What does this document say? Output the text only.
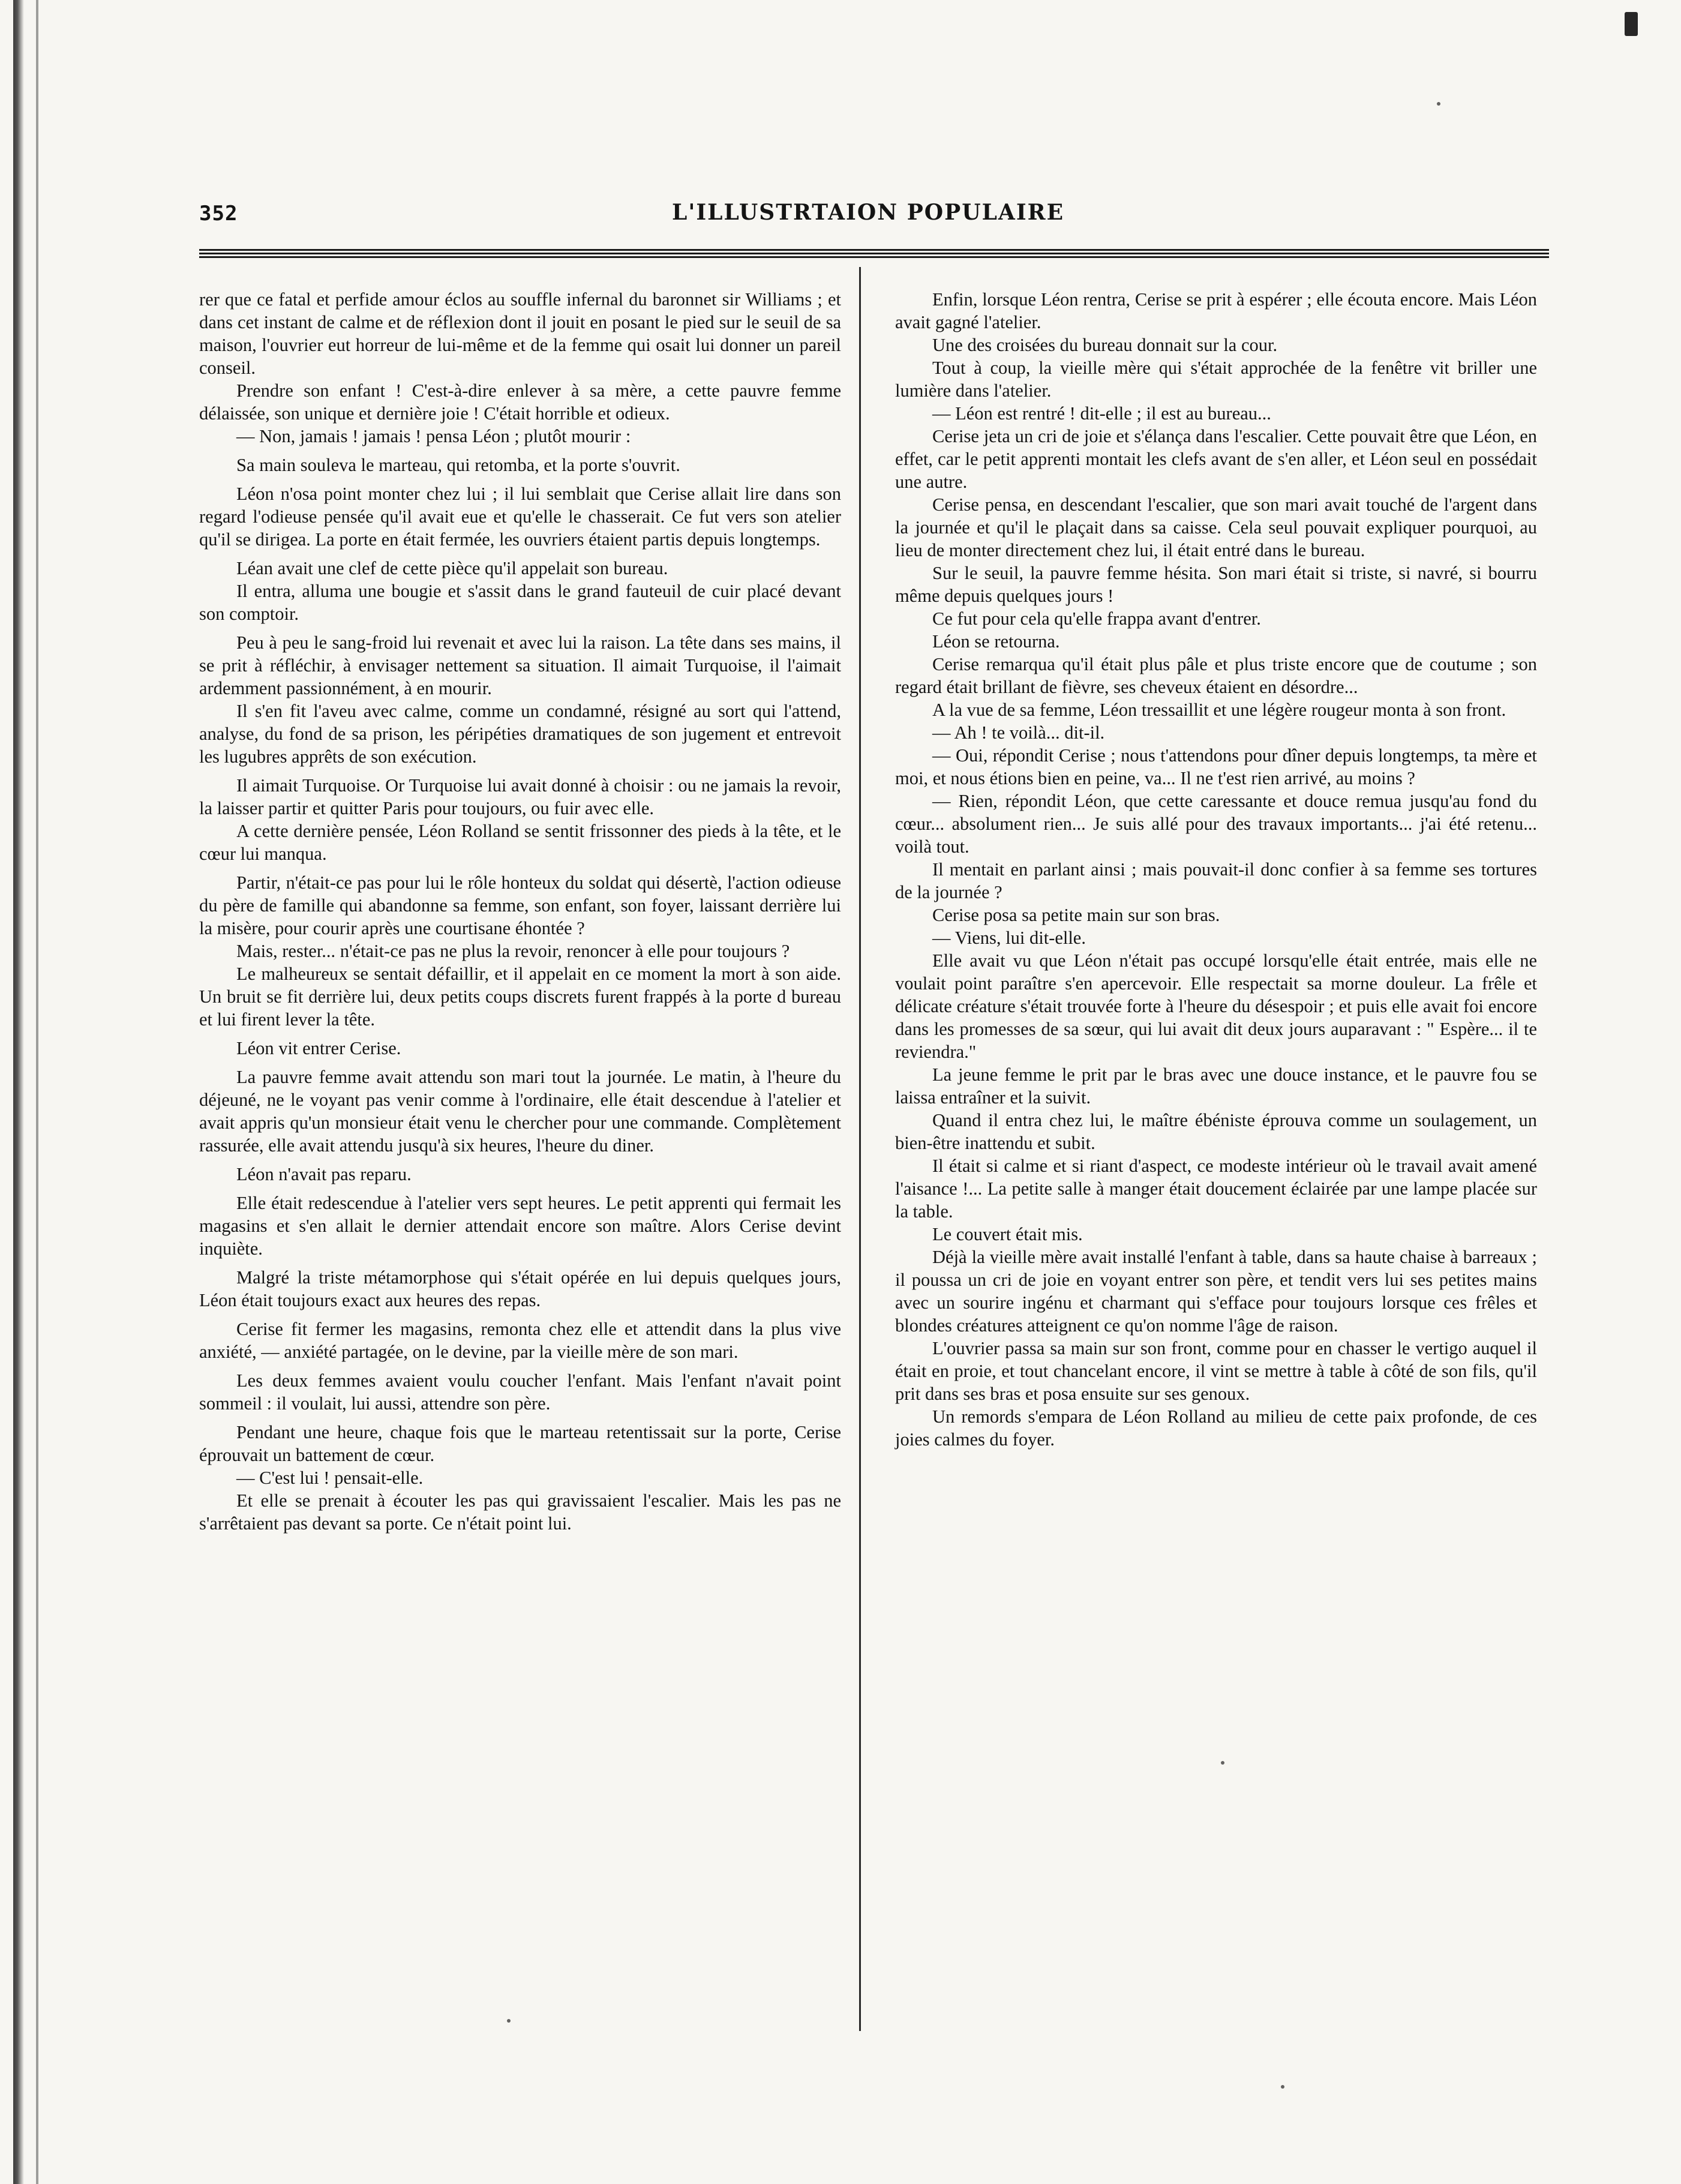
352	L'ILLUSTRTAION POPULAIRE

rer que ce fatal et perfide amour éclos au souffle infernal du baronnet sir Williams ; et dans cet instant de calme et de réflexion dont il jouit en posant le pied sur le seuil de sa maison, l'ouvrier eut horreur de lui-même et de la femme qui osait lui donner un pareil conseil.

Prendre son enfant ! C'est-à-dire enlever à sa mère, a cette pauvre femme délaissée, son unique et dernière joie ! C'était horrible et odieux.

— Non, jamais ! jamais ! pensa Léon ; plutôt mourir :

Sa main souleva le marteau, qui retomba, et la porte s'ouvrit.

Léon n'osa point monter chez lui ; il lui semblait que Cerise allait lire dans son regard l'odieuse pensée qu'il avait eue et qu'elle le chasserait. Ce fut vers son atelier qu'il se dirigea. La porte en était fermée, les ouvriers étaient partis depuis longtemps.

Léan avait une clef de cette pièce qu'il appelait son bureau.

Il entra, alluma une bougie et s'assit dans le grand fauteuil de cuir placé devant son comptoir.

Peu à peu le sang-froid lui revenait et avec lui la raison. La tête dans ses mains, il se prit à réfléchir, à envisager nettement sa situation. Il aimait Turquoise, il l'aimait ardemment passionnément, à en mourir.

Il s'en fit l'aveu avec calme, comme un condamné, résigné au sort qui l'attend, analyse, du fond de sa prison, les péripéties dramatiques de son jugement et entrevoit les lugubres apprêts de son exécution.

Il aimait Turquoise. Or Turquoise lui avait donné à choisir : ou ne jamais la revoir, la laisser partir et quitter Paris pour toujours, ou fuir avec elle.

A cette dernière pensée, Léon Rolland se sentit frissonner des pieds à la tête, et le cœur lui manqua.

Partir, n'était-ce pas pour lui le rôle honteux du soldat qui désertè, l'action odieuse du père de famille qui abandonne sa femme, son enfant, son foyer, laissant derrière lui la misère, pour courir après une courtisane éhontée ?

Mais, rester... n'était-ce pas ne plus la revoir, renoncer à elle pour toujours ?

Le malheureux se sentait défaillir, et il appelait en ce moment la mort à son aide. Un bruit se fit derrière lui, deux petits coups discrets furent frappés à la porte d bureau et lui firent lever la tête.

Léon vit entrer Cerise.

La pauvre femme avait attendu son mari tout la journée. Le matin, à l'heure du déjeuné, ne le voyant pas venir comme à l'ordinaire, elle était descendue à l'atelier et avait appris qu'un monsieur était venu le chercher pour une commande. Complètement rassurée, elle avait attendu jusqu'à six heures, l'heure du diner.

Léon n'avait pas reparu.

Elle était redescendue à l'atelier vers sept heures. Le petit apprenti qui fermait les magasins et s'en allait le dernier attendait encore son maître. Alors Cerise devint inquiète.

Malgré la triste métamorphose qui s'était opérée en lui depuis quelques jours, Léon était toujours exact aux heures des repas.

Cerise fit fermer les magasins, remonta chez elle et attendit dans la plus vive anxiété, — anxiété partagée, on le devine, par la vieille mère de son mari.

Les deux femmes avaient voulu coucher l'enfant. Mais l'enfant n'avait point sommeil : il voulait, lui aussi, attendre son père.

Pendant une heure, chaque fois que le marteau retentissait sur la porte, Cerise éprouvait un battement de cœur.

— C'est lui ! pensait-elle.

Et elle se prenait à écouter les pas qui gravissaient l'escalier. Mais les pas ne s'arrêtaient pas devant sa porte. Ce n'était point lui.

Enfin, lorsque Léon rentra, Cerise se prit à espérer ; elle écouta encore. Mais Léon avait gagné l'atelier.

Une des croisées du bureau donnait sur la cour.

Tout à coup, la vieille mère qui s'était approchée de la fenêtre vit briller une lumière dans l'atelier.

— Léon est rentré ! dit-elle ; il est au bureau...

Cerise jeta un cri de joie et s'élança dans l'escalier. Cette pouvait être que Léon, en effet, car le petit apprenti montait les clefs avant de s'en aller, et Léon seul en possédait une autre.

Cerise pensa, en descendant l'escalier, que son mari avait touché de l'argent dans la journée et qu'il le plaçait dans sa caisse. Cela seul pouvait expliquer pourquoi, au lieu de monter directement chez lui, il était entré dans le bureau.

Sur le seuil, la pauvre femme hésita. Son mari était si triste, si navré, si bourru même depuis quelques jours !

Ce fut pour cela qu'elle frappa avant d'entrer.

Léon se retourna.

Cerise remarqua qu'il était plus pâle et plus triste encore que de coutume ; son regard était brillant de fièvre, ses cheveux étaient en désordre...

A la vue de sa femme, Léon tressaillit et une légère rougeur monta à son front.

— Ah ! te voilà... dit-il.

— Oui, répondit Cerise ; nous t'attendons pour dîner depuis longtemps, ta mère et moi, et nous étions bien en peine, va... Il ne t'est rien arrivé, au moins ?

— Rien, répondit Léon, que cette caressante et douce remua jusqu'au fond du cœur... absolument rien... Je suis allé pour des travaux importants... j'ai été retenu... voilà tout.

Il mentait en parlant ainsi ; mais pouvait-il donc confier à sa femme ses tortures de la journée ?

Cerise posa sa petite main sur son bras.

— Viens, lui dit-elle.

Elle avait vu que Léon n'était pas occupé lorsqu'elle était entrée, mais elle ne voulait point paraître s'en apercevoir. Elle respectait sa morne douleur. La frêle et délicate créature s'était trouvée forte à l'heure du désespoir ; et puis elle avait foi encore dans les promesses de sa sœur, qui lui avait dit deux jours auparavant : " Espère... il te reviendra."

La jeune femme le prit par le bras avec une douce instance, et le pauvre fou se laissa entraîner et la suivit.

Quand il entra chez lui, le maître ébéniste éprouva comme un soulagement, un bien-être inattendu et subit.

Il était si calme et si riant d'aspect, ce modeste intérieur où le travail avait amené l'aisance !... La petite salle à manger était doucement éclairée par une lampe placée sur la table.

Le couvert était mis.

Déjà la vieille mère avait installé l'enfant à table, dans sa haute chaise à barreaux ; il poussa un cri de joie en voyant entrer son père, et tendit vers lui ses petites mains avec un sourire ingénu et charmant qui s'efface pour toujours lorsque ces frêles et blondes créatures atteignent ce qu'on nomme l'âge de raison.

L'ouvrier passa sa main sur son front, comme pour en chasser le vertigo auquel il était en proie, et tout chancelant encore, il vint se mettre à table à côté de son fils, qu'il prit dans ses bras et posa ensuite sur ses genoux.

Un remords s'empara de Léon Rolland au milieu de cette paix profonde, de ces joies calmes du foyer.
